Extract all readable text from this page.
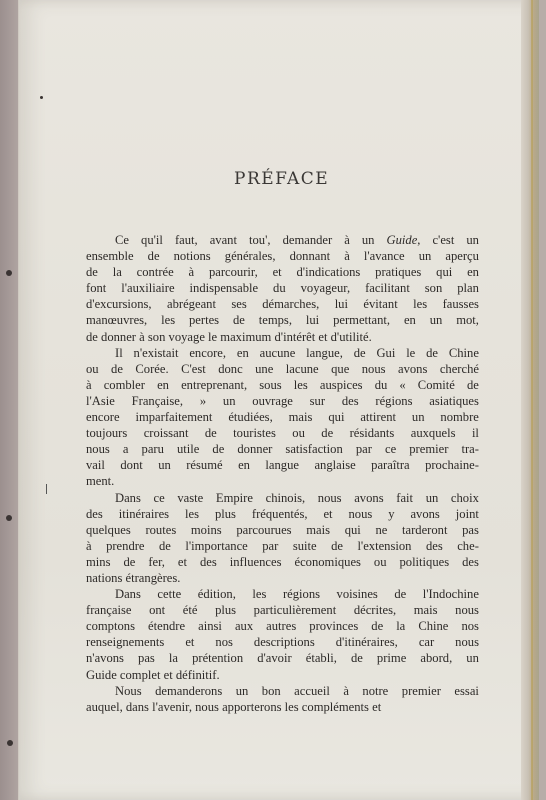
PRÉFACE
Ce qu'il faut, avant tou', demander à un Guide, c'est un
ensemble de notions générales, donnant à l'avance un aperçu
de la contrée à parcourir, et d'indications pratiques qui en
font l'auxiliaire indispensable du voyageur, facilitant son plan
d'excursions, abrégeant ses démarches, lui évitant les fausses
manœuvres, les pertes de temps, lui permettant, en un mot,
de donner à son voyage le maximum d'intérêt et d'utilité.
Il n'existait encore, en aucune langue, de Gui le de Chine
ou de Corée. C'est donc une lacune que nous avons cherché
à combler en entreprenant, sous les auspices du « Comité de
l'Asie Française, » un ouvrage sur des régions asiatiques
encore imparfaitement étudiées, mais qui attirent un nombre
toujours croissant de touristes ou de résidants auxquels il
nous a paru utile de donner satisfaction par ce premier tra-
vail dont un résumé en langue anglaise paraîtra prochaine-
ment.
Dans ce vaste Empire chinois, nous avons fait un choix
des itinéraires les plus fréquentés, et nous y avons joint
quelques routes moins parcourues mais qui ne tarderont pas
à prendre de l'importance par suite de l'extension des che-
mins de fer, et des influences économiques ou politiques des
nations étrangères.
Dans cette édition, les régions voisines de l'Indochine
française ont été plus particulièrement décrites, mais nous
comptons étendre ainsi aux autres provinces de la Chine nos
renseignements et nos descriptions d'itinéraires, car nous
n'avons pas la prétention d'avoir établi, de prime abord, un
Guide complet et définitif.
Nous demanderons un bon accueil à notre premier essai
auquel, dans l'avenir, nous apporterons les compléments et
